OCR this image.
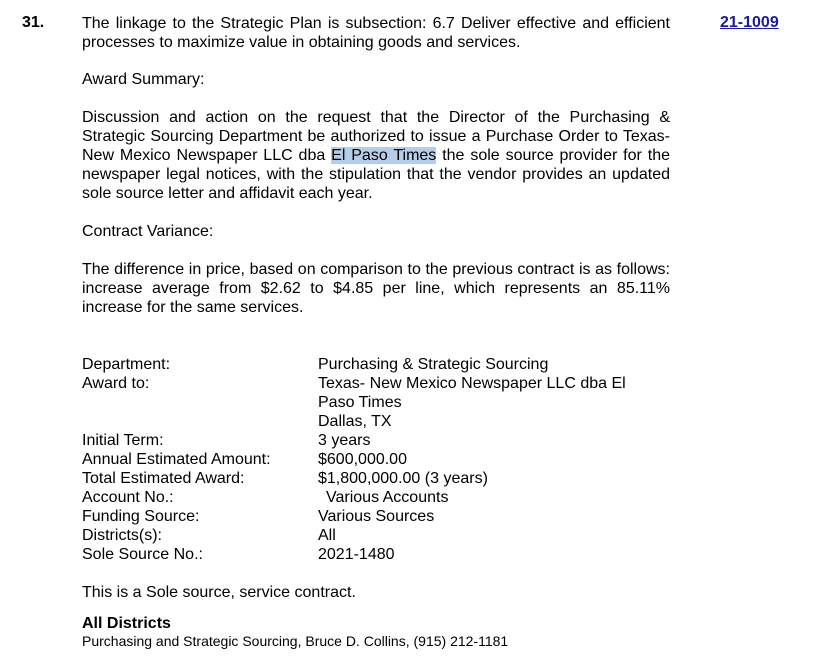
31.	21-1009

The linkage to the Strategic Plan is subsection: 6.7 Deliver effective and efficient processes to maximize value in obtaining goods and services.

Award Summary:

Discussion and action on the request that the Director of the Purchasing & Strategic Sourcing Department be authorized to issue a Purchase Order to Texas- New Mexico Newspaper LLC dba El Paso Times the sole source provider for the newspaper legal notices, with the stipulation that the vendor provides an updated sole source letter and affidavit each year.

Contract Variance:

The difference in price, based on comparison to the previous contract is as follows: increase average from $2.62 to $4.85 per line, which represents an 85.11% increase for the same services.

Department:	Purchasing & Strategic Sourcing
Award to:	Texas- New Mexico Newspaper LLC dba El
Paso Times
Dallas, TX
Initial Term:	3 years
Annual Estimated Amount:	$600,000.00
Total Estimated Award:	$1,800,000.00 (3 years)
Account No.:	Various Accounts
Funding Source:	Various Sources
Districts(s):	All
Sole Source No.:	2021-1480

This is a Sole source, service contract.

All Districts

Purchasing and Strategic Sourcing, Bruce D. Collins, (915) 212-1181
